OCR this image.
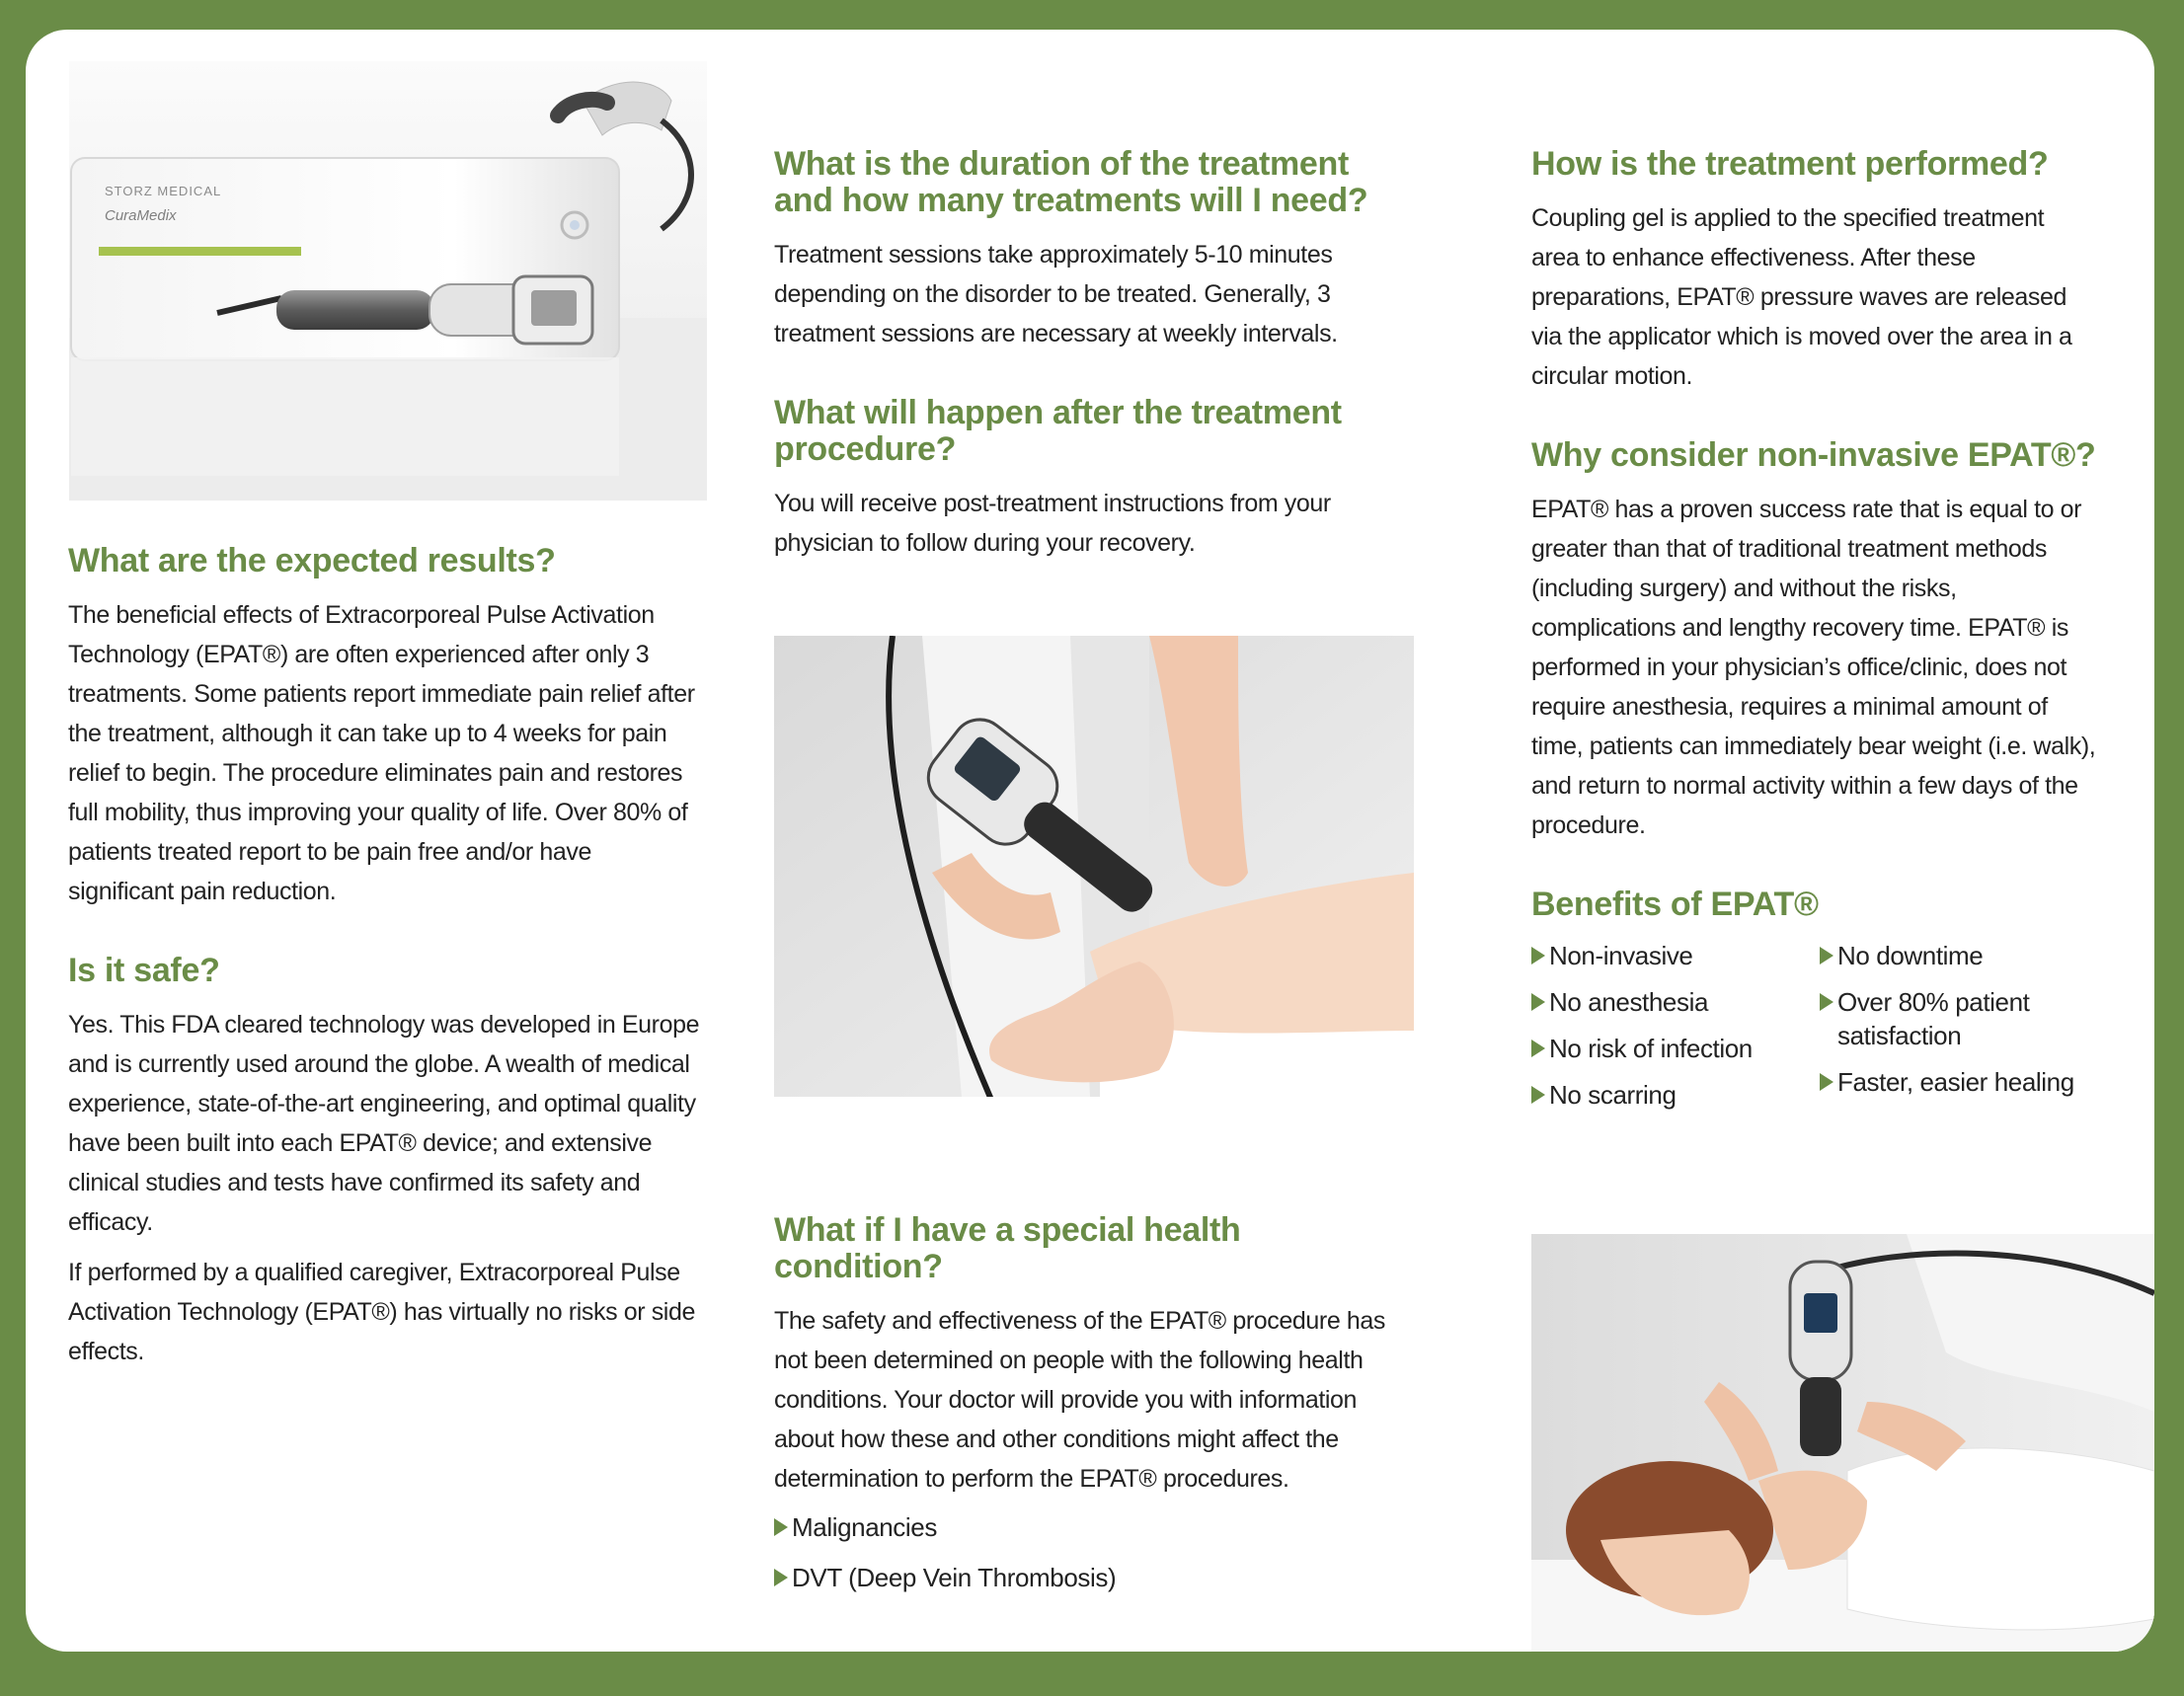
STORZ MEDICAL
CuraMedix
What are the expected results?

The beneficial effects of Extracorporeal Pulse Activation Technology (EPAT®) are often experienced after only 3 treatments. Some patients report immediate pain relief after the treatment, although it can take up to 4 weeks for pain relief to begin. The procedure eliminates pain and restores full mobility, thus improving your quality of life. Over 80% of patients treated report to be pain free and/or have significant pain reduction.

Is it safe?

Yes. This FDA cleared technology was developed in Europe and is currently used around the globe. A wealth of medical experience, state-of-the-art engineering, and optimal quality have been built into each EPAT® device; and extensive clinical studies and tests have confirmed its safety and efficacy.

If performed by a qualified caregiver, Extracorporeal Pulse Activation Technology (EPAT®) has virtually no risks or side effects.

What is the duration of the treatment and how many treatments will I need?

Treatment sessions take approximately 5-10 minutes depending on the disorder to be treated. Generally, 3 treatment sessions are necessary at weekly intervals.

What will happen after the treatment procedure?

You will receive post-treatment instructions from your physician to follow during your recovery.

What if I have a special health condition?

The safety and effectiveness of the EPAT® procedure has not been determined on people with the following health conditions. Your doctor will provide you with information about how these and other conditions might affect the determination to perform the EPAT® procedures.

Malignancies
DVT (Deep Vein Thrombosis)
How is the treatment performed?

Coupling gel is applied to the specified treatment area to enhance effectiveness. After these preparations, EPAT® pressure waves are released via the applicator which is moved over the area in a circular motion.

Why consider non-invasive EPAT®?

EPAT® has a proven success rate that is equal to or greater than that of traditional treatment methods (including surgery) and without the risks, complications and lengthy recovery time. EPAT® is performed in your physician’s office/clinic, does not require anesthesia, requires a minimal amount of time, patients can immediately bear weight (i.e. walk), and return to normal activity within a few days of the procedure.

Benefits of EPAT®
Non-invasive
No anesthesia
No risk of infection
No scarring
No downtime
Over 80% patient satisfaction
Faster, easier healing
